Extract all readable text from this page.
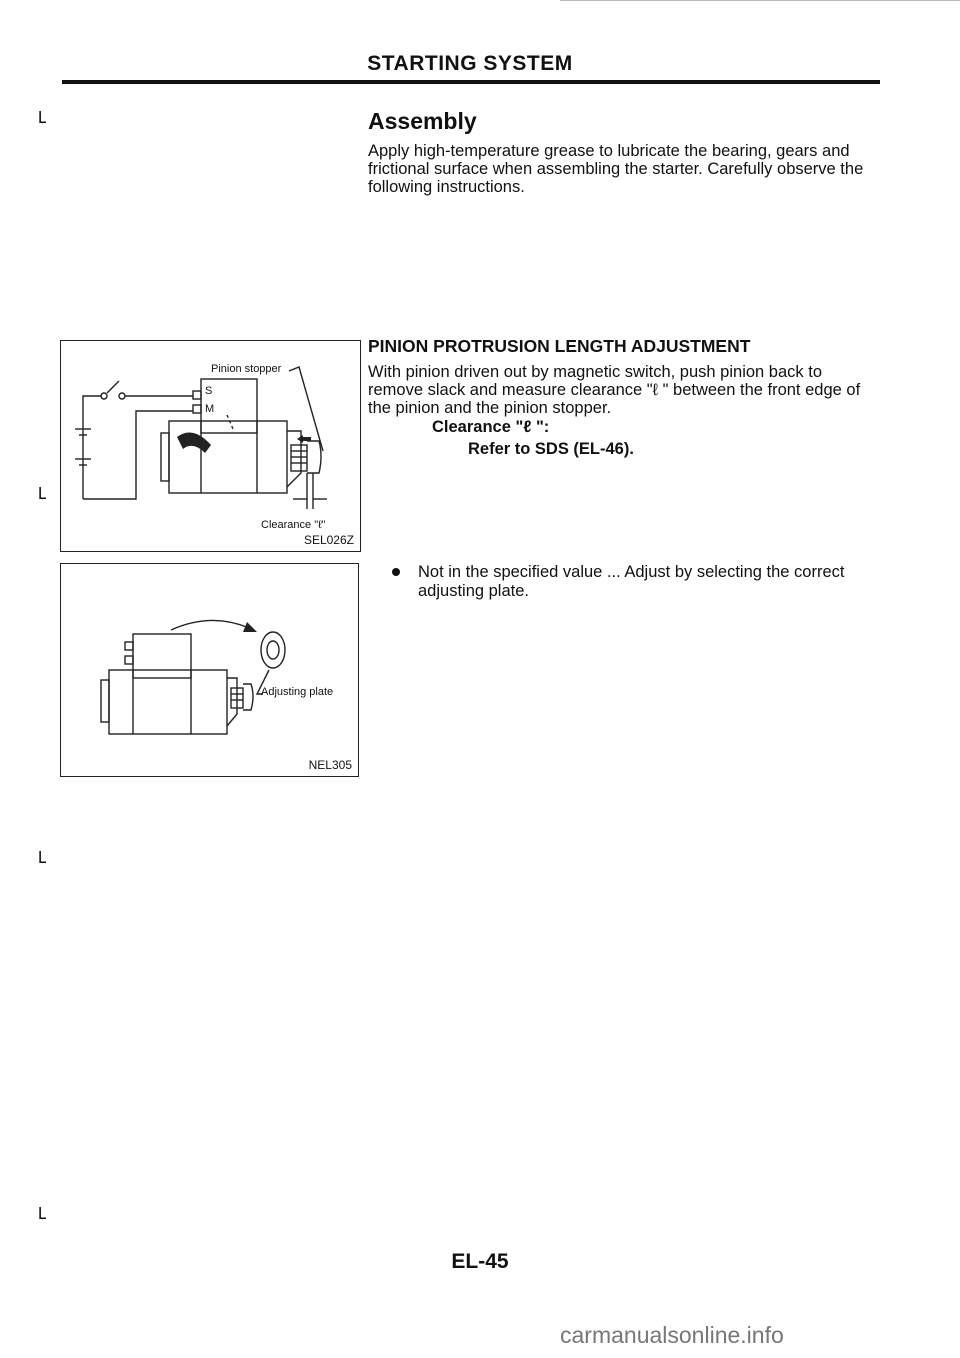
STARTING SYSTEM
˪
˪
˪
˪
Assembly
Apply high-temperature grease to lubricate the bearing, gears and frictional surface when assembling the starter. Carefully observe the following instructions.
PINION PROTRUSION LENGTH ADJUSTMENT
With pinion driven out by magnetic switch, push pinion back to remove slack and measure clearance "ℓ " between the front edge of the pinion and the pinion stopper.
Clearance "ℓ ":
Refer to SDS (EL-46).
Not in the specified value ... Adjust by selecting the correct adjusting plate.
Pinion stopper
S
M
Clearance "ℓ"
SEL026Z
Adjusting plate
NEL305
EL-45
carmanualsonline.info
